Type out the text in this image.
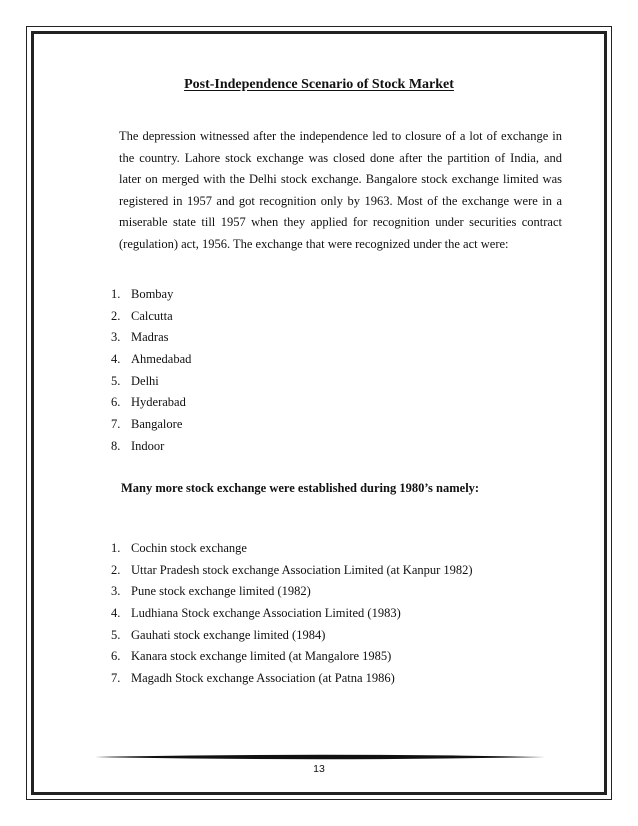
Post-Independence Scenario of Stock Market
The depression witnessed after the independence led to closure of a lot of exchange in the country. Lahore stock exchange was closed done after the partition of India, and later on merged with the Delhi stock exchange. Bangalore stock exchange limited was registered in 1957 and got recognition only by 1963. Most of the exchange were in a miserable state till 1957 when they applied for recognition under securities contract (regulation) act, 1956. The exchange that were recognized under the act were:
1. Bombay
2. Calcutta
3. Madras
4. Ahmedabad
5. Delhi
6. Hyderabad
7. Bangalore
8. Indoor
Many more stock exchange were established during 1980’s namely:
1. Cochin stock exchange
2. Uttar Pradesh stock exchange Association Limited (at Kanpur 1982)
3. Pune stock exchange limited (1982)
4. Ludhiana Stock exchange Association Limited (1983)
5. Gauhati stock exchange limited (1984)
6. Kanara stock exchange limited (at Mangalore 1985)
7. Magadh Stock exchange Association (at Patna 1986)
13
